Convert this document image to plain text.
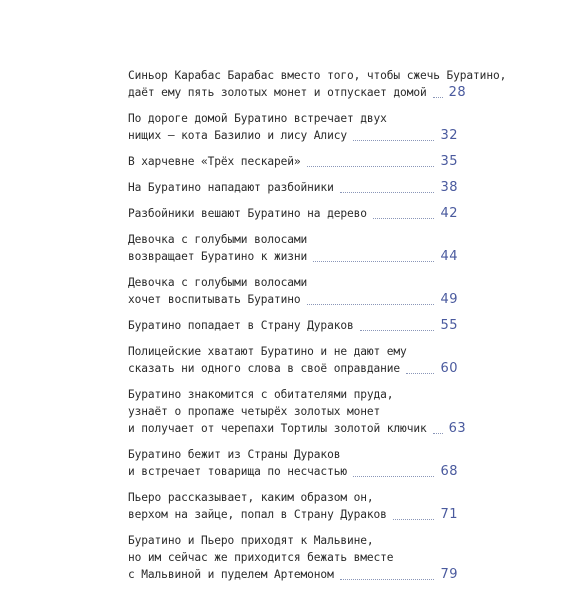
Синьор Карабас Барабас вместо того, чтобы сжечь Буратино,
даёт ему пять золотых монет и отпускает домой 28
По дороге домой Буратино встречает двух
нищих — кота Базилио и лису Алису	32
В харчевне «Трёх пескарей»	35
На Буратино нападают разбойники	38
Разбойники вешают Буратино на дерево	42
Девочка с голубыми волосами
возвращает Буратино к жизни	44
Девочка с голубыми волосами
хочет воспитывать Буратино	49
Буратино попадает в Страну Дураков	55
Полицейские хватают Буратино и не дают ему
сказать ни одного слова в своё оправдание	60
Буратино знакомится с обитателями пруда,
узнаёт о пропаже четырёх золотых монет
и получает от черепахи Тортилы золотой ключик 63
Буратино бежит из Страны Дураков
и встречает товарища по несчастью	68
Пьеро рассказывает, каким образом он,
верхом на зайце, попал в Страну Дураков	71
Буратино и Пьеро приходят к Мальвине,
но им сейчас же приходится бежать вместе
с Мальвиной и пуделем Артемоном	79
